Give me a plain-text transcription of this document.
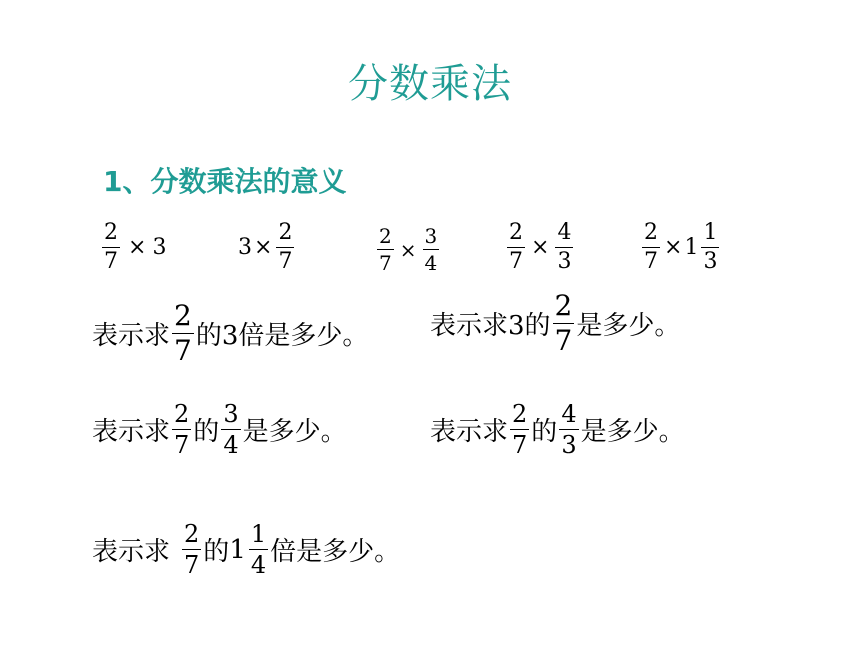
分数乘法
1、分数乘法的意义
$\frac{2}{7} \times 3$	$3 \times \frac{2}{7}$	$\frac{2}{7} \times \frac{3}{4}$	$\frac{2}{7} \times \frac{4}{3}$	$\frac{2}{7} \times 1 \frac{1}{3}$
表示求 $\frac{2}{7}$ 的3倍是多少。 表示求3的 $\frac{2}{7}$ 是多少。
表示求 $\frac{2}{7}$ 的 $\frac{3}{4}$ 是多少。	表示求 $\frac{2}{7}$ 的 $\frac{4}{3}$ 是多少。
表示求 $\frac{2}{7}$ 的 $1 \frac{1}{4}$ 倍是多少。
